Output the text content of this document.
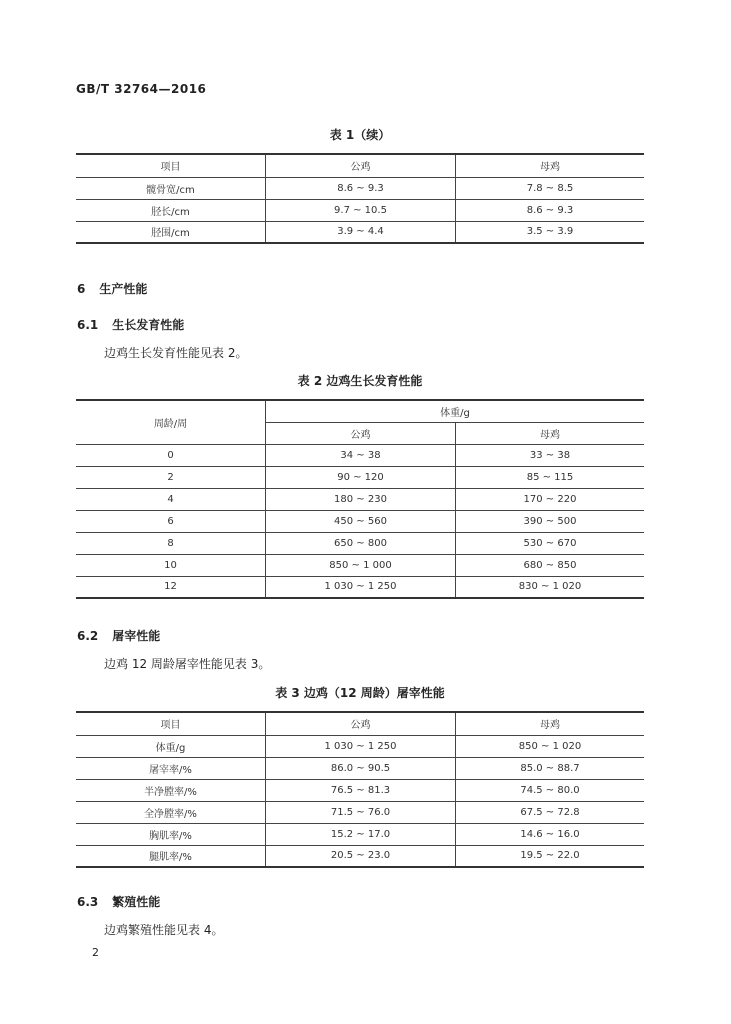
GB/T 32764—2016
表 1（续）
项目	公鸡	母鸡
髋骨宽/cm	8.6 ~ 9.3	7.8 ~ 8.5
胫长/cm	9.7 ~ 10.5	8.6 ~ 9.3
胫围/cm	3.9 ~ 4.4	3.5 ~ 3.9
6 生产性能
6.1 生长发育性能
边鸡生长发育性能见表 2。
表 2 边鸡生长发育性能
周龄/周	体重/g	
	公鸡	母鸡
0	34 ~ 38	33 ~ 38
2	90 ~ 120	85 ~ 115
4	180 ~ 230	170 ~ 220
6	450 ~ 560	390 ~ 500
8	650 ~ 800	530 ~ 670
10	850 ~ 1 000	680 ~ 850
12	1 030 ~ 1 250	830 ~ 1 020
6.2 屠宰性能
边鸡 12 周龄屠宰性能见表 3。
表 3 边鸡（12 周龄）屠宰性能
项目	公鸡	母鸡
体重/g	1 030 ~ 1 250	850 ~ 1 020
屠宰率/%	86.0 ~ 90.5	85.0 ~ 88.7
半净膛率/%	76.5 ~ 81.3	74.5 ~ 80.0
全净膛率/%	71.5 ~ 76.0	67.5 ~ 72.8
胸肌率/%	15.2 ~ 17.0	14.6 ~ 16.0
腿肌率/%	20.5 ~ 23.0	19.5 ~ 22.0
6.3 繁殖性能
边鸡繁殖性能见表 4。
2
